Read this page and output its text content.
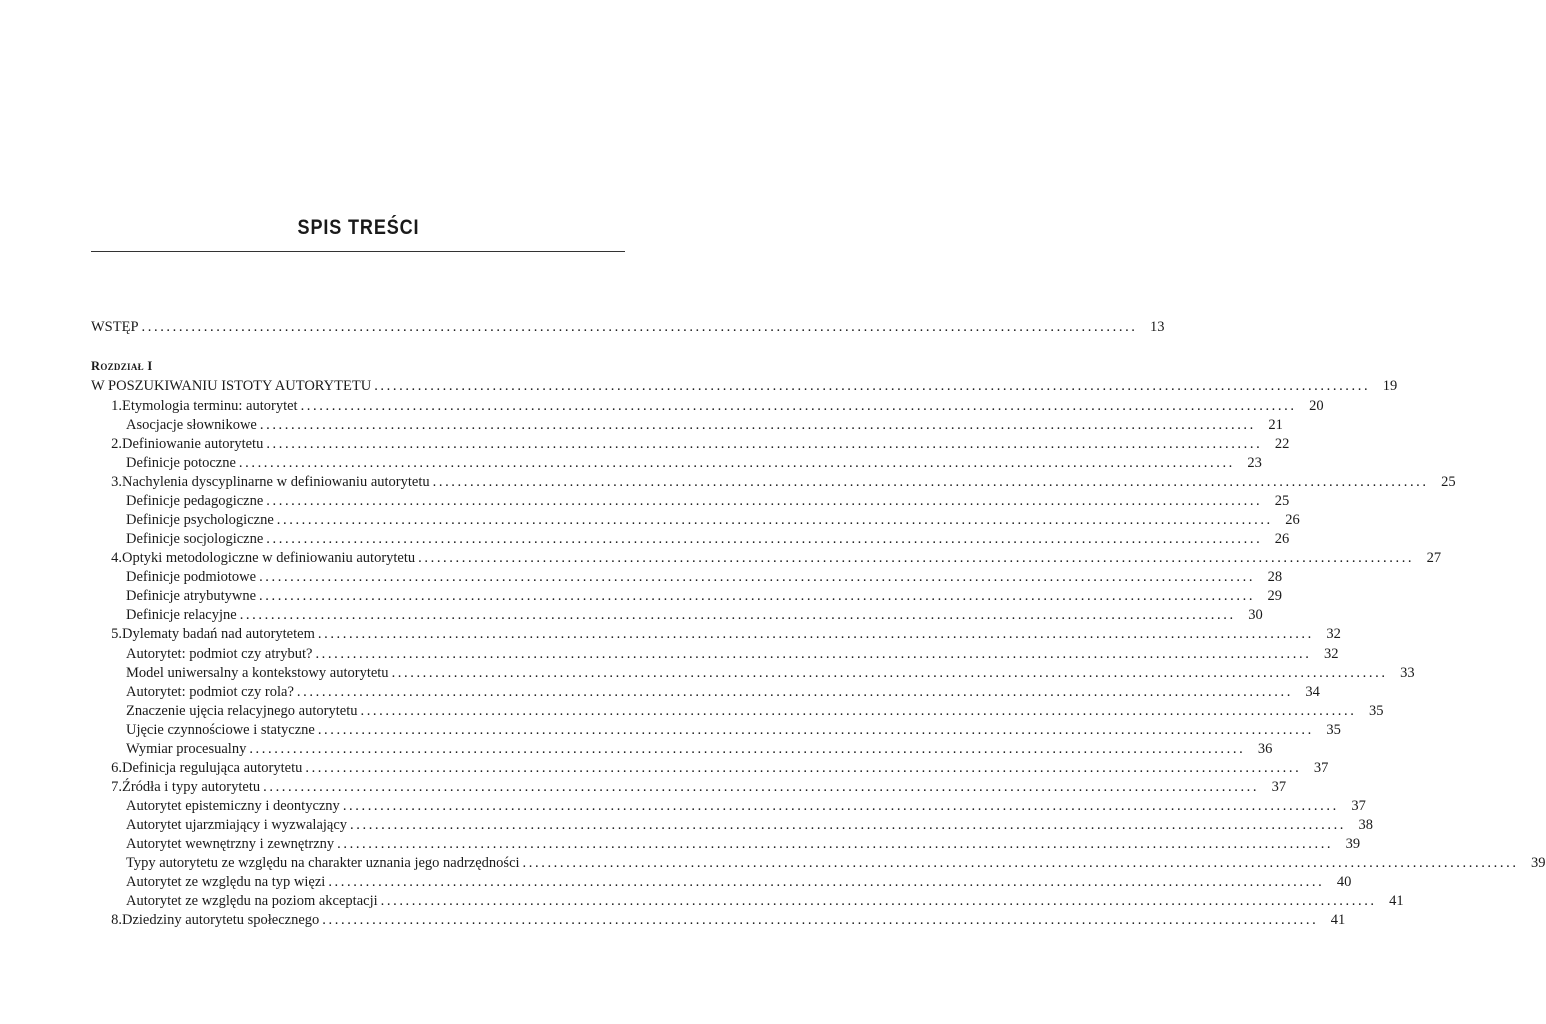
SPIS TREŚCI
Rozdział I
WSTĘP ................................................................................................................................................................ 13
W POSZUKIWANIU ISTOTY AUTORYTETU ................................................................................................................................................................ 19
1. Etymologia terminu: autorytet ................................................................................................................................................................ 20
Asocjacje słownikowe ................................................................................................................................................................ 21
2. Definiowanie autorytetu ................................................................................................................................................................ 22
Definicje potoczne ................................................................................................................................................................ 23
3. Nachylenia dyscyplinarne w definiowaniu autorytetu ................................................................................................................................................................ 25
Definicje pedagogiczne ................................................................................................................................................................ 25
Definicje psychologiczne ................................................................................................................................................................ 26
Definicje socjologiczne ................................................................................................................................................................ 26
4. Optyki metodologiczne w definiowaniu autorytetu ................................................................................................................................................................ 27
Definicje podmiotowe ................................................................................................................................................................ 28
Definicje atrybutywne ................................................................................................................................................................ 29
Definicje relacyjne ................................................................................................................................................................ 30
5. Dylematy badań nad autorytetem ................................................................................................................................................................ 32
Autorytet: podmiot czy atrybut? ................................................................................................................................................................ 32
Model uniwersalny a kontekstowy autorytetu ................................................................................................................................................................ 33
Autorytet: podmiot czy rola? ................................................................................................................................................................ 34
Znaczenie ujęcia relacyjnego autorytetu ................................................................................................................................................................ 35
Ujęcie czynnościowe i statyczne ................................................................................................................................................................ 35
Wymiar procesualny ................................................................................................................................................................ 36
6. Definicja regulująca autorytetu ................................................................................................................................................................ 37
7. Źródła i typy autorytetu ................................................................................................................................................................ 37
Autorytet epistemiczny i deontyczny ................................................................................................................................................................ 37
Autorytet ujarzmiający i wyzwalający ................................................................................................................................................................ 38
Autorytet wewnętrzny i zewnętrzny ................................................................................................................................................................ 39
Typy autorytetu ze względu na charakter uznania jego nadrzędności ................................................................................................................................................................ 39
Autorytet ze względu na typ więzi ................................................................................................................................................................ 40
Autorytet ze względu na poziom akceptacji ................................................................................................................................................................ 41
8. Dziedziny autorytetu społecznego ................................................................................................................................................................ 41
